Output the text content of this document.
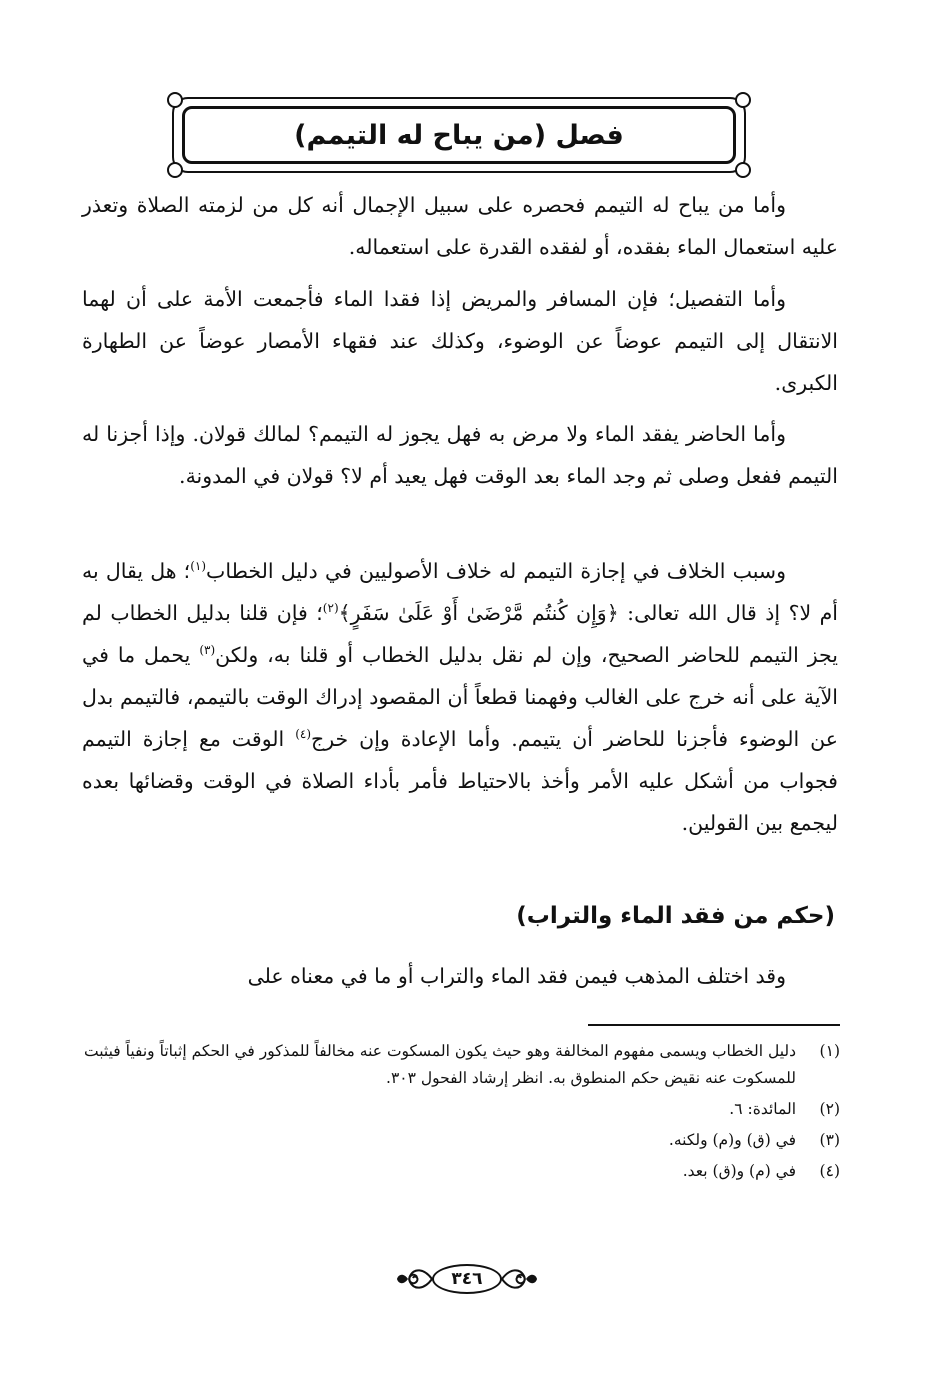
فصل (من يباح له التيمم)

وأما من يباح له التيمم فحصره على سبيل الإجمال أنه كل من لزمته الصلاة وتعذر عليه استعمال الماء بفقده، أو لفقده القدرة على استعماله.

وأما التفصيل؛ فإن المسافر والمريض إذا فقدا الماء فأجمعت الأمة على أن لهما الانتقال إلى التيمم عوضاً عن الوضوء، وكذلك عند فقهاء الأمصار عوضاً عن الطهارة الكبرى.

وأما الحاضر يفقد الماء ولا مرض به فهل يجوز له التيمم؟ لمالك قولان. وإذا أجزنا له التيمم ففعل وصلى ثم وجد الماء بعد الوقت فهل يعيد أم لا؟ قولان في المدونة.

وسبب الخلاف في إجازة التيمم له خلاف الأصوليين في دليل الخطاب$^{(١)}$؛ هل يقال به أم لا؟ إذ قال الله تعالى: ﴿وَإِن كُنتُم مَّرْضَىٰ أَوْ عَلَىٰ سَفَرٍ﴾$^{(٢)}$؛ فإن قلنا بدليل الخطاب لم يجز التيمم للحاضر الصحيح، وإن لم نقل بدليل الخطاب أو قلنا به، ولكن$^{(٣)}$ يحمل ما في الآية على أنه خرج على الغالب وفهمنا قطعاً أن المقصود إدراك الوقت بالتيمم، فالتيمم بدل عن الوضوء فأجزنا للحاضر أن يتيمم. وأما الإعادة وإن خرج$^{(٤)}$ الوقت مع إجازة التيمم فجواب من أشكل عليه الأمر وأخذ بالاحتياط فأمر بأداء الصلاة في الوقت وقضائها بعده ليجمع بين القولين.

(حكم من فقد الماء والتراب)

وقد اختلف المذهب فيمن فقد الماء والتراب أو ما في معناه على

(١)
دليل الخطاب ويسمى مفهوم المخالفة وهو حيث يكون المسكوت عنه مخالفاً للمذكور في الحكم إثباتاً ونفياً فيثبت للمسكوت عنه نقيض حكم المنطوق به. انظر إرشاد الفحول ٣٠٣.
(٢)
المائدة: ٦.
(٣)
في (ق) و(م) ولكنه.
(٤)
في (م) و(ق) بعد.
٣٤٦
